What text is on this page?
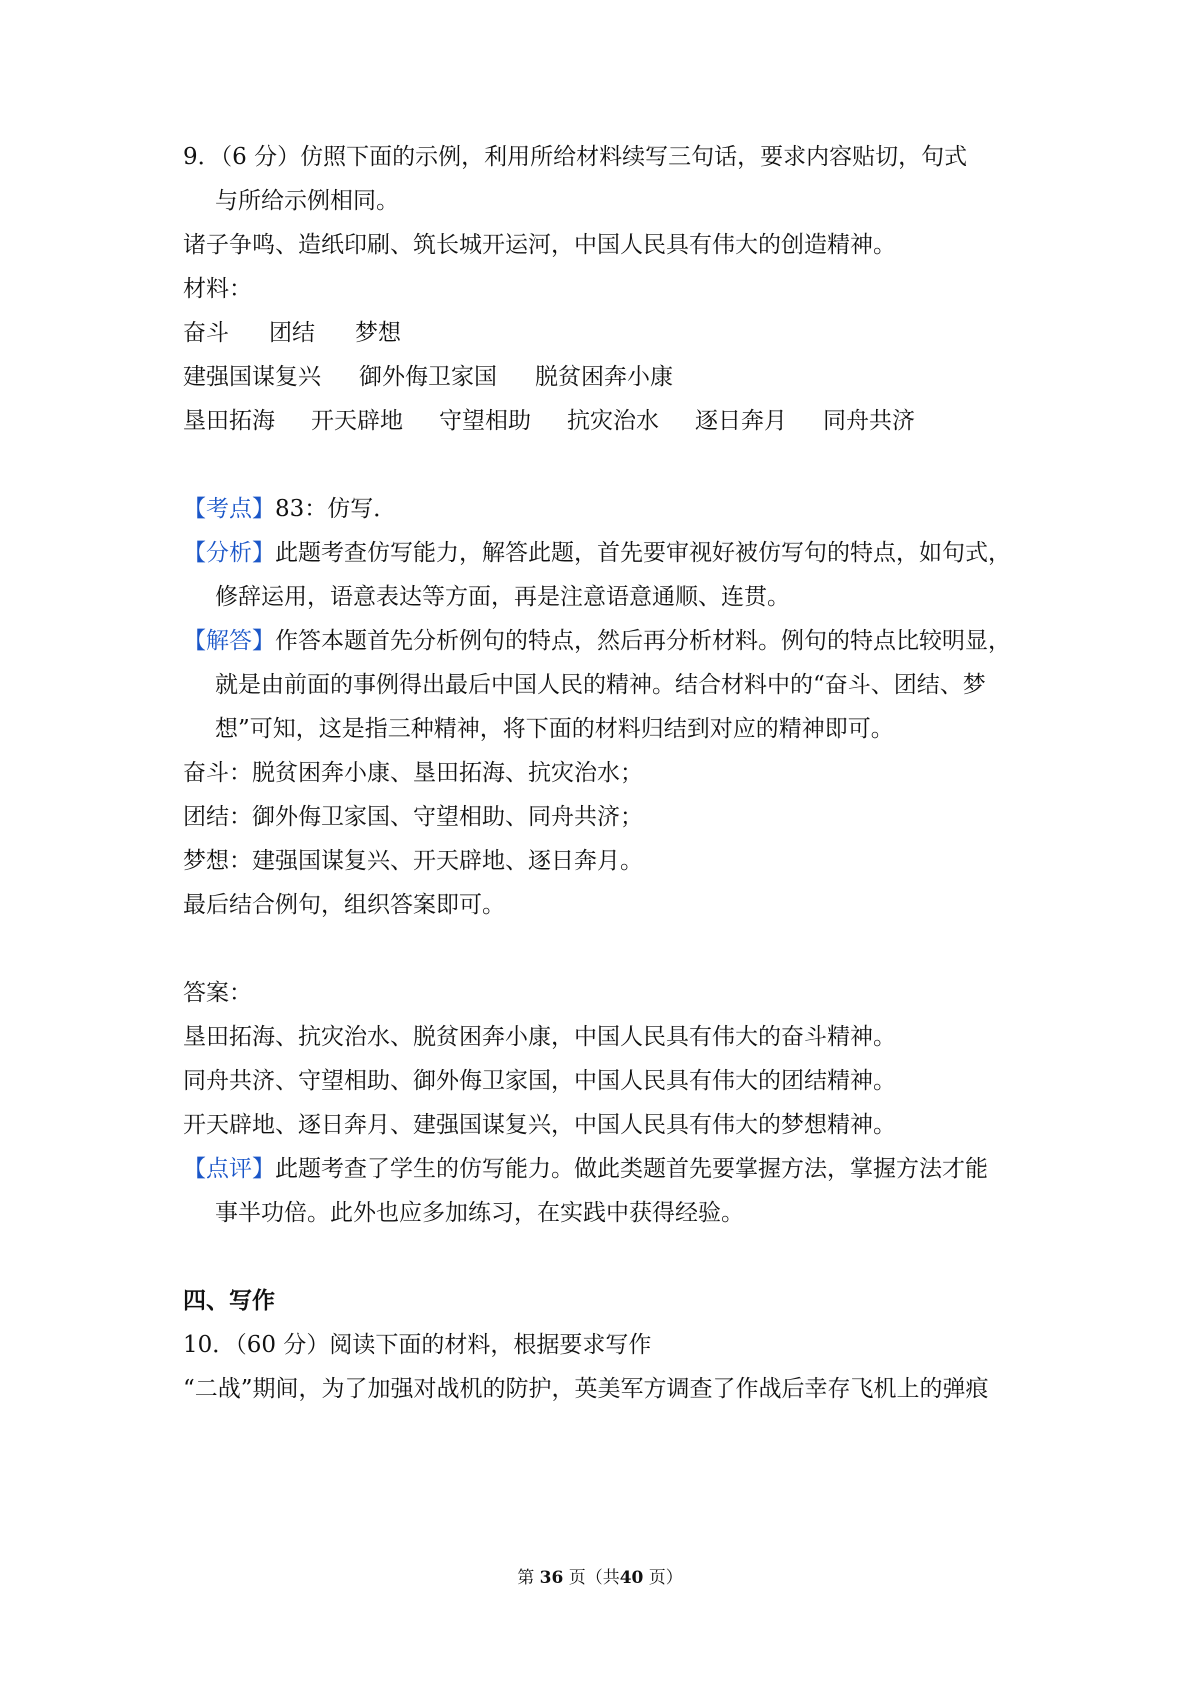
9．（6 分）仿照下面的示例，利用所给材料续写三句话，要求内容贴切，句式
与所给示例相同。
诸子争鸣、造纸印刷、筑长城开运河，中国人民具有伟大的创造精神。
材料：
奋斗 团结 梦想
建强国谋复兴 御外侮卫家国 脱贫困奔小康
垦田拓海 开天辟地 守望相助 抗灾治水 逐日奔月 同舟共济
【考点】83：仿写．
【分析】此题考查仿写能力，解答此题，首先要审视好被仿写句的特点，如句式，
修辞运用，语意表达等方面，再是注意语意通顺、连贯。
【解答】作答本题首先分析例句的特点，然后再分析材料。例句的特点比较明显，
就是由前面的事例得出最后中国人民的精神。结合材料中的“奋斗、团结、梦
想”可知，这是指三种精神，将下面的材料归结到对应的精神即可。
奋斗：脱贫困奔小康、垦田拓海、抗灾治水；
团结：御外侮卫家国、守望相助、同舟共济；
梦想：建强国谋复兴、开天辟地、逐日奔月。
最后结合例句，组织答案即可。
答案：
垦田拓海、抗灾治水、脱贫困奔小康，中国人民具有伟大的奋斗精神。
同舟共济、守望相助、御外侮卫家国，中国人民具有伟大的团结精神。
开天辟地、逐日奔月、建强国谋复兴，中国人民具有伟大的梦想精神。
【点评】此题考查了学生的仿写能力。做此类题首先要掌握方法，掌握方法才能
事半功倍。此外也应多加练习，在实践中获得经验。
四、写作
10．（60 分）阅读下面的材料，根据要求写作
“二战”期间，为了加强对战机的防护，英美军方调查了作战后幸存飞机上的弹痕
第 36 页（共40 页）
